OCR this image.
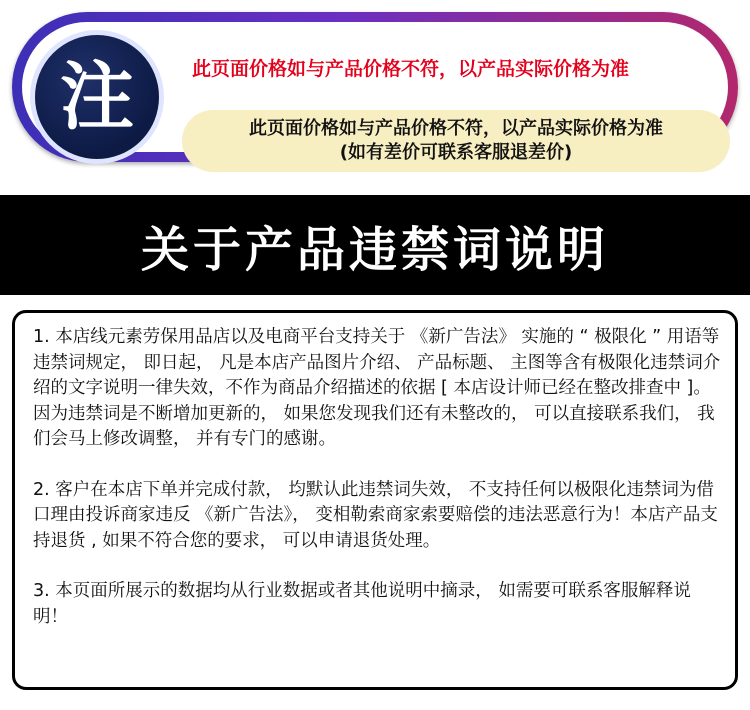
注	此页面价格如与产品价格不符，以产品实际价格为准
此页面价格如与产品价格不符，以产品实际价格为准
(如有差价可联系客服退差价)
关于产品违禁词说明

1. 本店线元素劳保用品店以及电商平台支持关于 《新广告法》 实施的 “ 极限化 ” 用语等违禁词规定， 即日起， 凡是本店产品图片介绍、 产品标题、 主图等含有极限化违禁词介绍的文字说明一律失效，不作为商品介绍描述的依据 [ 本店设计师已经在整改排查中 ]。 因为违禁词是不断增加更新的， 如果您发现我们还有未整改的， 可以直接联系我们， 我们会马上修改调整， 并有专门的感谢。

2. 客户在本店下单并完成付款， 均默认此违禁词失效， 不支持任何以极限化违禁词为借口理由投诉商家违反 《新广告法》， 变相勒索商家索要赔偿的违法恶意行为！本店产品支持退货 , 如果不符合您的要求， 可以申请退货处理。

3. 本页面所展示的数据均从行业数据或者其他说明中摘录， 如需要可联系客服解释说明！
